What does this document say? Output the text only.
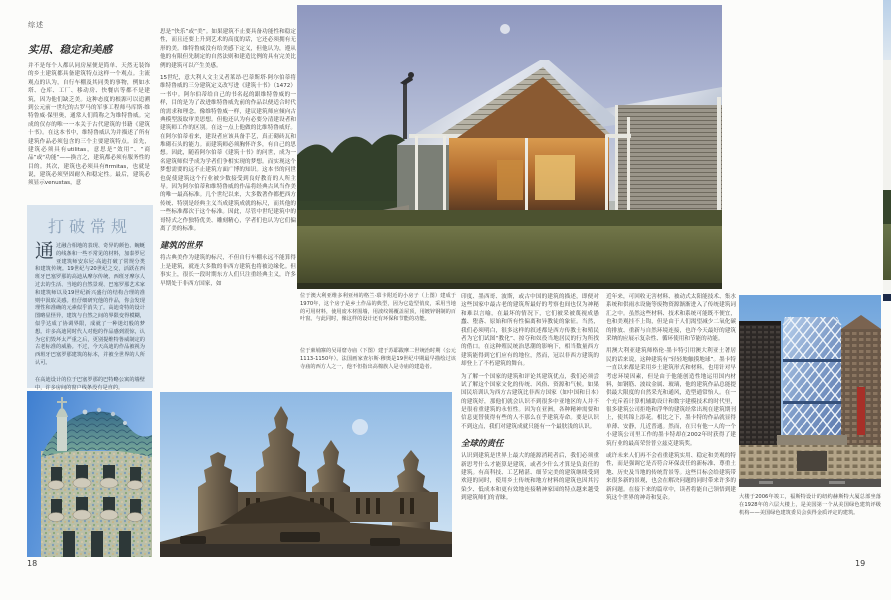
综述
实用、稳定和美感

并不是每个人都认同房屋便是简单、天然无装饰的乡土建筑都具备建筑特点这样一个观点。主流观点的认为，自行车棚及其同类的事物，例如水塔、仓库、工厂、移动房、快餐店等都不是建筑，因为他们缺乏美。这种态度的根源可以追溯到公元前一世纪的古罗马的军事工程师马库斯·维特鲁威·保里奥，通常人们简称之为维特鲁威。完成的仅存的唯一一本关于古代建筑的书籍《建筑十书》。在这本书中，维特鲁威认为并描述了所有建筑作品必须包含的三个主要建筑特点。首先，建筑必须具有utilitas，意思是“效用”、“商品”或“功能”——换言之，建筑都必须有服务性的目的。其次，建筑也必须具有firmitas，也就是说，建筑必须坚固耐久和稳定性。最后，建筑必须显示venustas，意

打破常规

通过融合相地的表现、奇异的颜色、蜿蜒的线条和一些不常见的材料，加泰罗尼亚建筑师安东尼·高迪打破了常规分类和建筑传统。19世纪与20世纪之交，活跃在西班牙巴塞罗那的高迪从摩尔传统、西班牙摩尔人过去的生活、当地的自然景观、巴塞罗那艺术家和建筑师以及19世纪新兴盛行的结构合理的准则中汲取灵感。但仔细研究他的作品，你会发现理性和准确的元素似乎消失了。高迪奇特的设计图略显怪异，建筑与自然之间的界限变得模糊，似乎达成了协调界限，成就了一种迷幻般的梦想。许多高迪同时代人对他的作品感到震惊，认为它们毁坏太严重之后，更别提维特鲁威制定的古老标准的威胁。不过，今天高迪的作品被视为西班牙巴塞罗那建筑的标本，并被全世界的人所认可。

在高迪设计的位于巴塞罗那的巴特略公寓的墙壁中，许多房间的窗户线条没有是直的。

思是“快乐”或“美”。如果建筑不止要具备功能性和稳定性，而且还要上升到艺术的高度的话，它还必须拥有无形的美。维特鲁威没有给美感下定义，但他认为，遵从他的有限但先制定的自然法则和建造比例的具有完美比例的建筑可以产生美感。

15世纪，意大利人文主义者莱昂·巴蒂斯塔·阿尔伯蒂将维特鲁威的三分建筑定义改写进《建筑十书》（1472）一书中。阿尔伯蒂给自己的书名起的跟维特鲁威的一样，目的是为了改进维特鲁威先前的作品以便适合时代的需求和理念。像维特鲁威一样，建议建筑师应倾向古典模型汲取审美思想。但他还认为有必要分清建设者和建筑师工作的区别。在这一点上他做的比维特鲁威好。在阿尔伯蒂看来，建设者应该具备手艺，真正砌砖瓦和堆砌石头的能力。而建筑师必须胸怀许多，有自己的思想。因此，随着阿尔伯蒂《建筑十书》的问世，成为一名建筑师似乎成为学者们争相实现的梦想。而实现这个梦想需要的远不止建筑方面广博的知识。这本书的问世也促使建筑这个行业被少数接受到良好教育的人所主导。因为阿尔伯蒂和维特鲁威的作品将经典古风当作美的唯一最高标准。几个世纪以来，大多数著作都把西方传统、特别是经典主义当成建筑成就的标尺，而其他的一些标准都次于这个标准。因此，尽管中世纪建筑中的哥特式之作独特优美、雕刻精心，学者们也认为它们偏离了美的标准。

建筑的世界

将古典美作为建筑的标尺，不但自行车棚永远不能算得上是建筑，就连大多数的非西方建筑也将被边缘化。但事实上，很长一段时期东方人们只注重经典主义，许多早期处于非西方国家，如

位于澳大利亚维多利亚州的格兰·慕卡附近的小房子（上图）建成于1970年，这个房子是乡土作品的典型，因为它造型俏皮，采用当地的可用材料，使用废木材围墙，用波纹锡覆盖屋顶，用镀锌钢制的百叶窗。与此同时，像这样的设计还有环保和节能的功能。
位于柬埔寨的吴哥窟寺庙（下图）建于苏耶跋摩二世统治时期（公元1113-1150年）。法国画家查尔斯·穆奥是19世纪中期最早描绘过该寺庙的西方人之一，他不但指出高棉族人是寺庙的建造者。

印度、墨西哥、波斯，或古中国的建筑的描述，即便对这些国家中最古老的建筑所最好的考察也间也仅为神秘和难以言喻，在最坏的情况下，它们被采被蔑视成愚蠢、堕落、原始和所有性偏离和异教徒的象征。当然，我们必须明白，很多这样的叙述都是西方传教士和殖民者为它们试图“教化”、掠夺和奴役当地居民的行为所找的借口。在这种殖民统治思潮的影响下，相当数量西方建筑能得到它们应有的地位，然而，冠以非西方建筑的却登上了不朽建筑的舞台。

为了解一个国家的建筑和评论其建筑优点，我们必须尝试了解这个国家文化的传统、风俗、资源和气候。如果国民培训认为西方古建筑比非西方国家（如中国和日本）的建筑好，那他们就会认识不到很多中亚地区的人并不是很看重建筑的永恒性。因为在亚洲，各种精神需要和信息更替使得有些的人不那么在乎建筑寿命。要是认识不到这点，我们对建筑成就只能有一个最肤浅的认识。

全球的责任

认识到建筑是世界上最大的能源消耗者后，我们必须重新思考什么才能算是建筑，或者少什么才算是负责任的建筑。有高科技、工艺精湛、细节完美的建筑继续受到欢迎的同时，使用乡土传统和地方材料的建筑也因其污染少、低成本和更有效地连接精神家园的特点越来越受到建筑师们的青睐。

近年来，可回收无害材料、被动式太阳能技术、集水系统和供雨水设施等废物资源渐渐进入了传统建筑词汇之中。虽然这些材料、技术和系统可能既不便宜，也和美观挂不上钩，但是由于人们渴望减少二氧化碳的排放、重新与自然环境连接，也许今天最好的建筑采纳的应展示复杂性、循环使用和节能的功能。

用澳大利亚建筑师格伦·墨卡特引用澳大利亚土著居民的话来说，这种建筑有“轻轻地触摸地球”。墨卡特一直以来都是采用乡土建筑形式和材料，也用针对早考虑环境因素，但是由于他能创造性地运用国内材料，如钢筋、波纹金属、玻璃，他的建筑作品总能提供最大限度的自然采光和通风，造型通常怡人。在一个充斥着计算机辅助设计和数字建模技术的时代里，很多建筑公司拒绝和浮华的建筑经常出现在建筑期刊上，使其锦上添花。相比之下，墨卡特的作品就显得单薄、安静，几近普通。然而，在只有他一人的一个小建筑公司里工作的墨卡特却在2002年时获得了建筑行业的最高荣誉普立兹克建筑奖。

或许未来人们再不会看重建筑实用、稳定和美观的特性，而是强调它是否符合环保责任的新标准、尊重土地、历史及当地的传统背景等。这些目标会给建筑带来很多新的景观，也会在解决问题的同时带来许多的新问题。在接下来的篇章中，读者将能自己领悟到建筑这个世界的神奇和复杂。	大楼于2006年竣工，福斯特设计的纽约赫斯特大厦总部坐落在1928年的六层大楼上，是美国第一个从美国绿色建筑评级机构——美国绿色建筑委员会获得金质评定的建筑。
18	19
